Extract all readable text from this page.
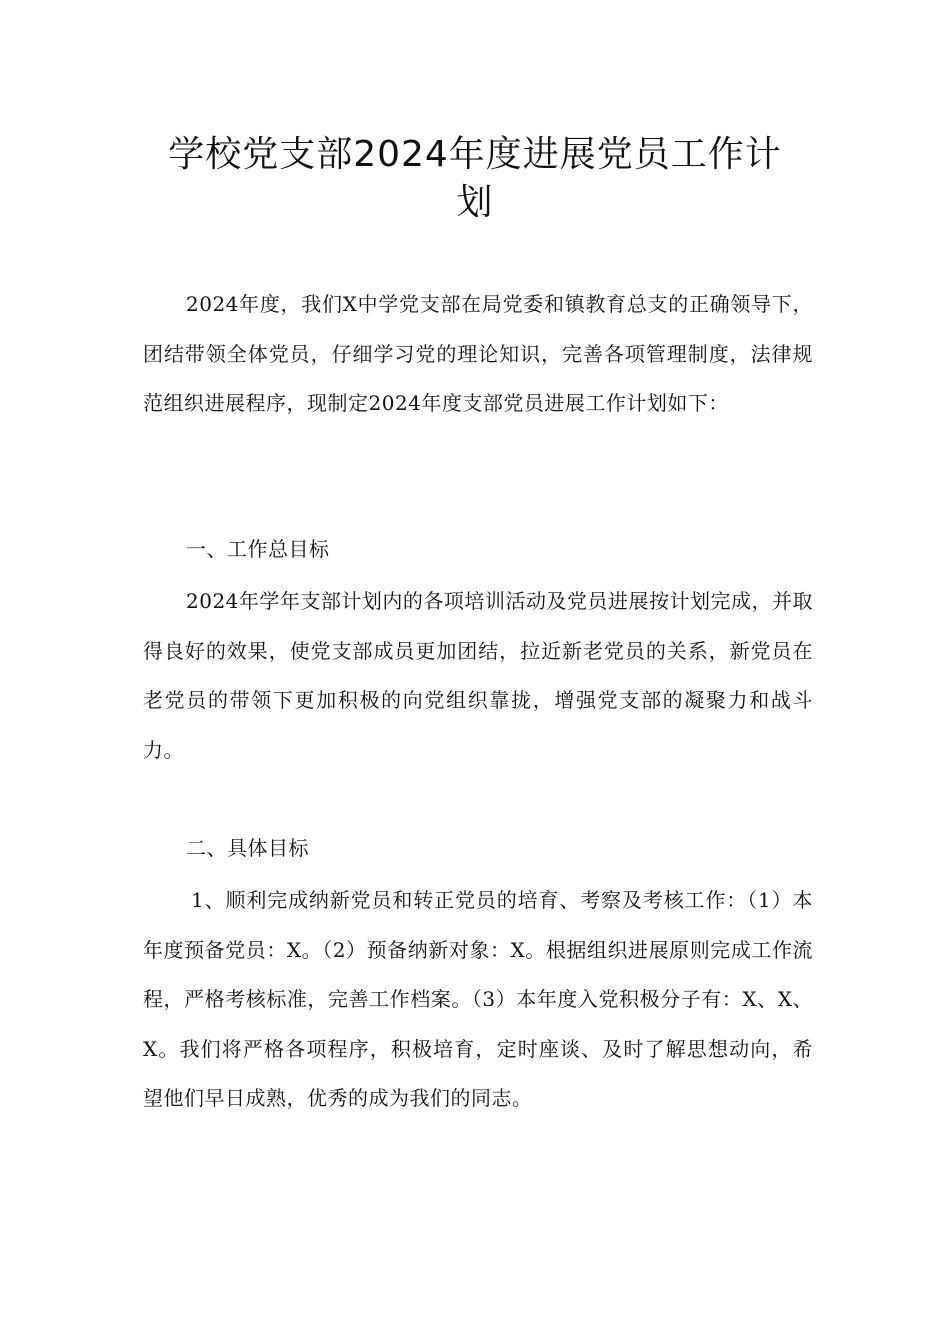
学校党支部2024年度进展党员工作计
划

2024年度，我们X中学党支部在局党委和镇教育总支的正确领导下，团结带领全体党员，仔细学习党的理论知识，完善各项管理制度，法律规范组织进展程序，现制定2024年度支部党员进展工作计划如下：

一、工作总目标

2024年学年支部计划内的各项培训活动及党员进展按计划完成，并取得良好的效果，使党支部成员更加团结，拉近新老党员的关系，新党员在老党员的带领下更加积极的向党组织靠拢，增强党支部的凝聚力和战斗力。

二、具体目标

1、顺利完成纳新党员和转正党员的培育、考察及考核工作：（1）本年度预备党员：X。（2）预备纳新对象：X。根据组织进展原则完成工作流程，严格考核标准，完善工作档案。（3）本年度入党积极分子有：X、X、X。我们将严格各项程序，积极培育，定时座谈、及时了解思想动向，希望他们早日成熟，优秀的成为我们的同志。
